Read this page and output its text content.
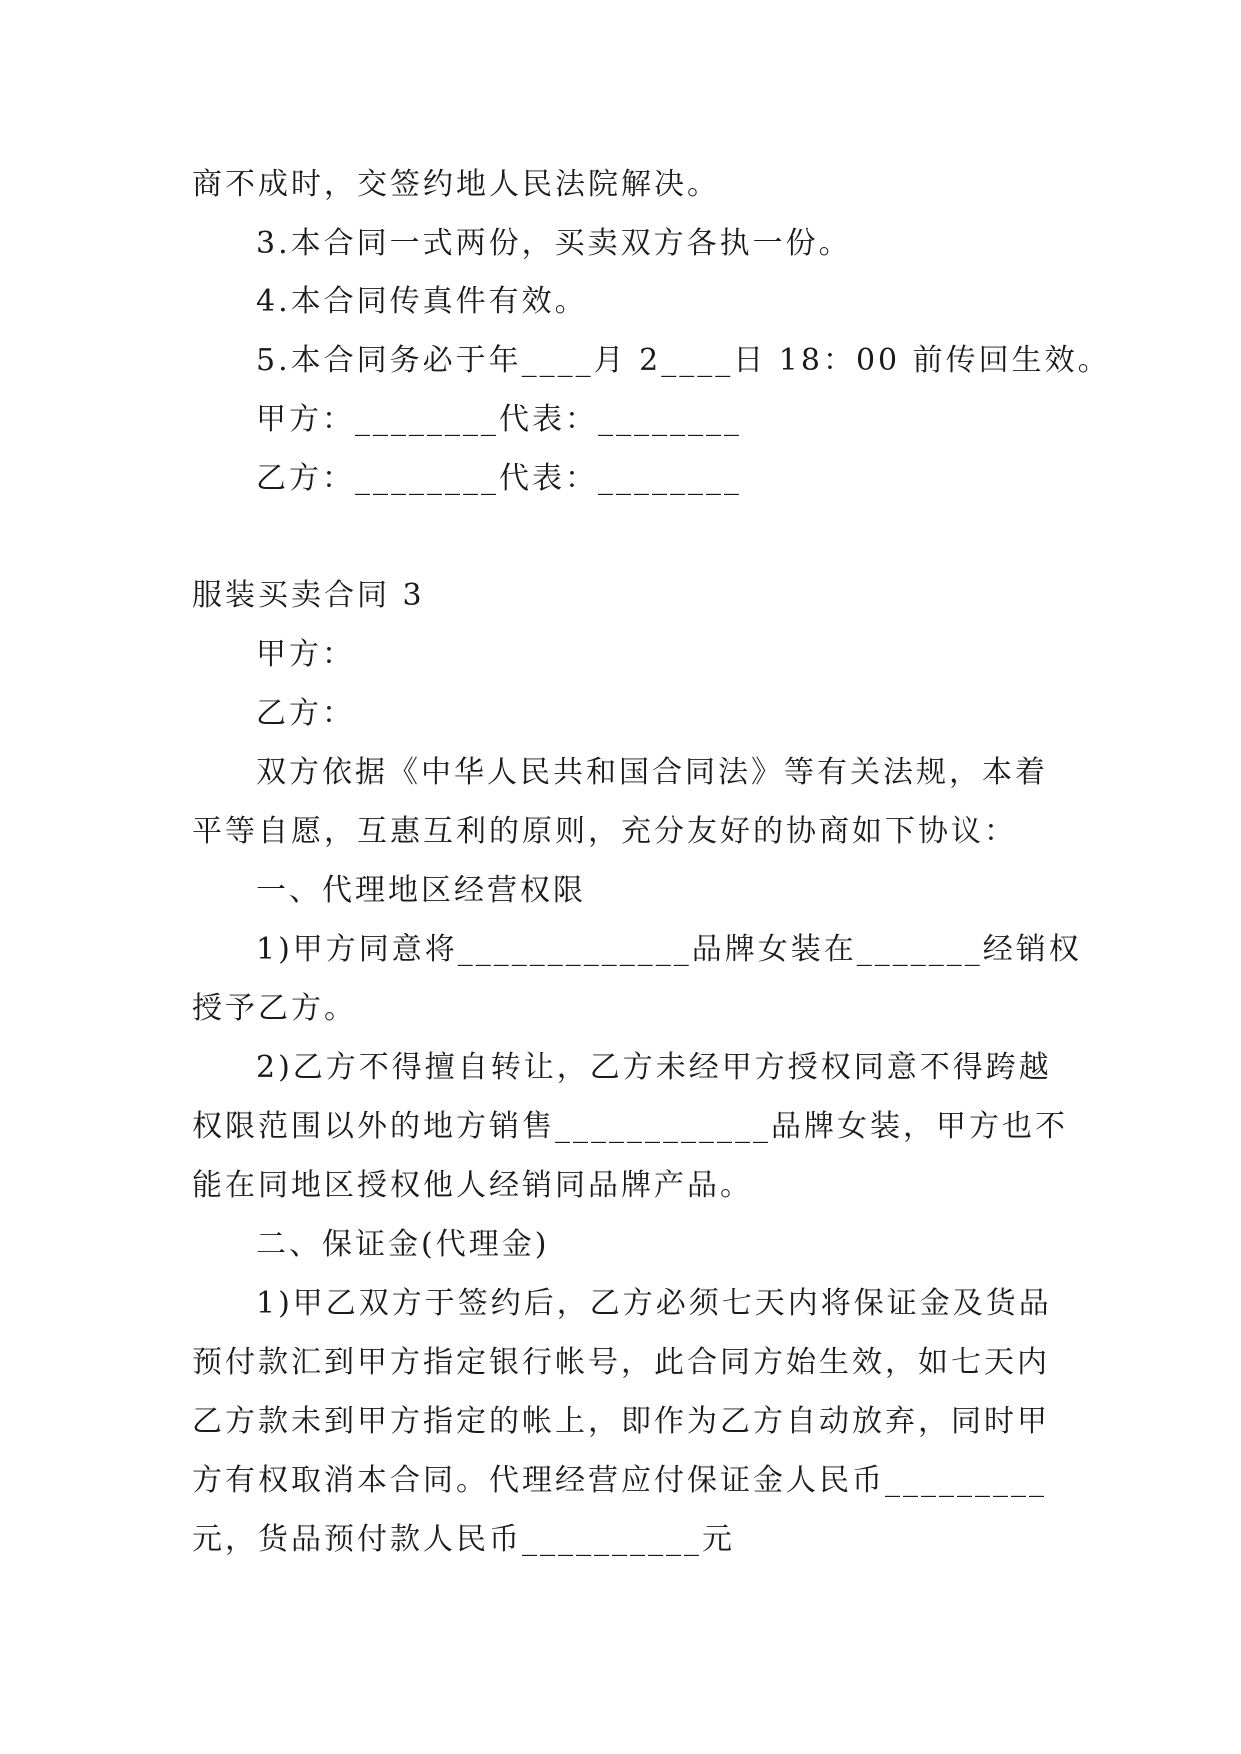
商不成时，交签约地人民法院解决。
3.本合同一式两份，买卖双方各执一份。
4.本合同传真件有效。
5.本合同务必于年____月 2____日 18：00 前传回生效。
甲方：________代表：________
乙方：________代表：________
服装买卖合同 3
甲方：
乙方：
双方依据《中华人民共和国合同法》等有关法规，本着
平等自愿，互惠互利的原则，充分友好的协商如下协议：
一、代理地区经营权限
1)甲方同意将_____________品牌女装在_______经销权
授予乙方。
2)乙方不得擅自转让，乙方未经甲方授权同意不得跨越
权限范围以外的地方销售____________品牌女装，甲方也不
能在同地区授权他人经销同品牌产品。
二、保证金(代理金)
1)甲乙双方于签约后，乙方必须七天内将保证金及货品
预付款汇到甲方指定银行帐号，此合同方始生效，如七天内
乙方款未到甲方指定的帐上，即作为乙方自动放弃，同时甲
方有权取消本合同。代理经营应付保证金人民币_________
元，货品预付款人民币__________元
